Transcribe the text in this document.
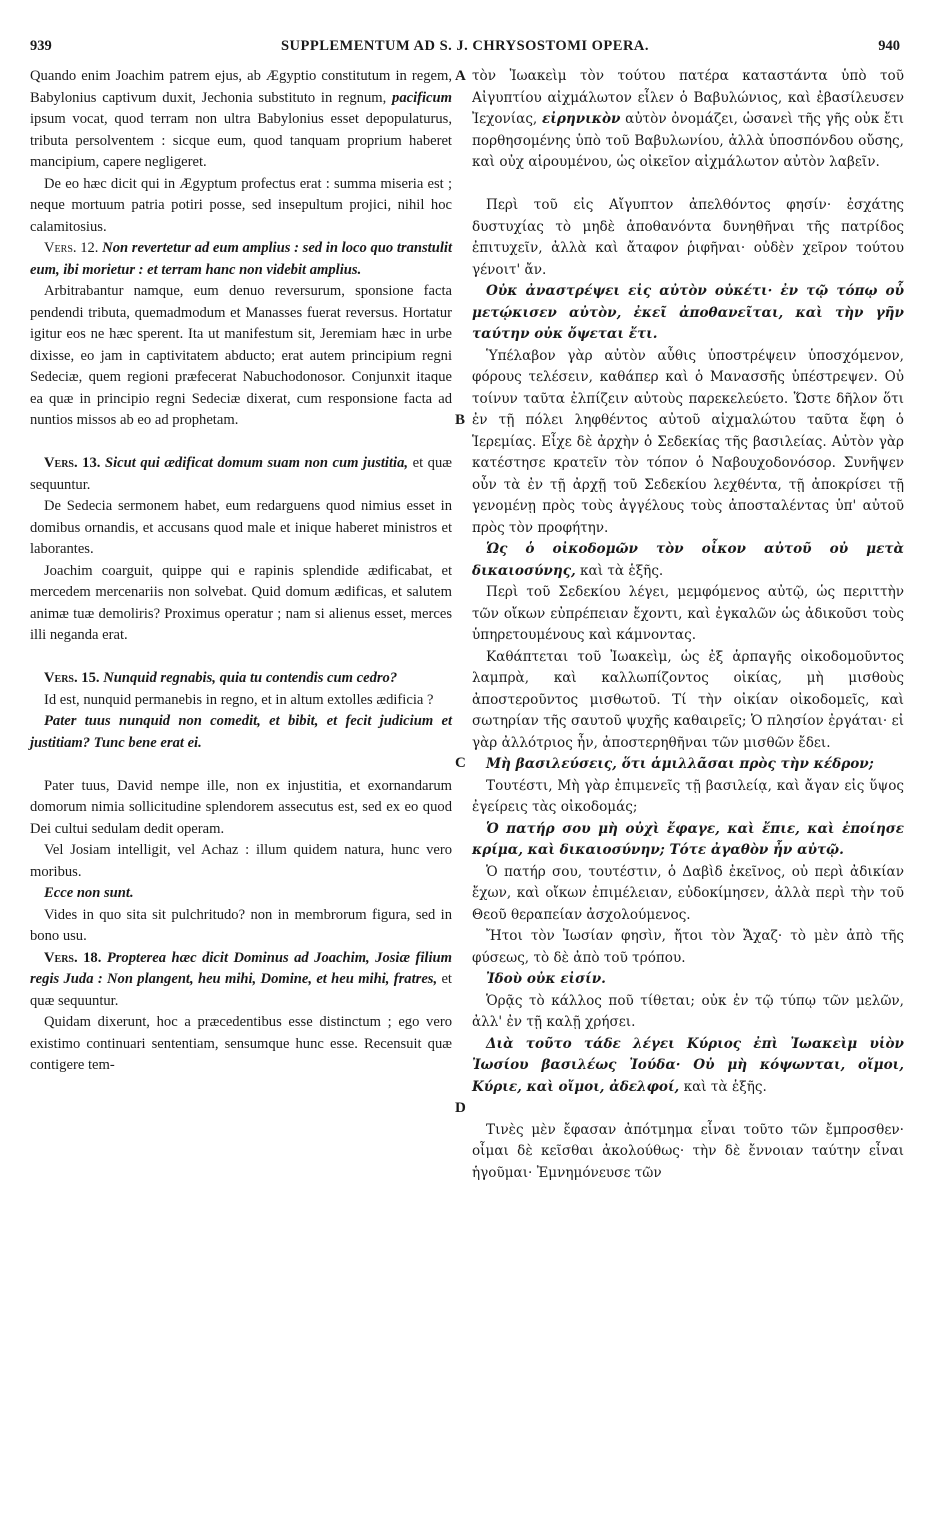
939	SUPPLEMENTUM AD S. J. CHRYSOSTOMI OPERA.	940
A
B
C
D

Quando enim Joachim patrem ejus, ab Ægyptio constitutum in regem, Babylonius captivum duxit, Jechonia substituto in regnum, pacificum ipsum vocat, quod terram non ultra Babylonius esset depopulaturus, tributa persolventem : sicque eum, quod tanquam proprium haberet mancipium, capere negligeret.

De eo hæc dicit qui in Ægyptum profectus erat : summa miseria est ; neque mortuum patria potiri posse, sed insepultum projici, nihil hoc calamitosius.

Vers. 12. Non revertetur ad eum amplius : sed in loco quo transtulit eum, ibi morietur : et terram hanc non videbit amplius.

Arbitrabantur namque, eum denuo reversurum, sponsione facta pendendi tributa, quemadmodum et Manasses fuerat reversus. Hortatur igitur eos ne hæc sperent. Ita ut manifestum sit, Jeremiam hæc in urbe dixisse, eo jam in captivitatem abducto; erat autem principium regni Sedeciæ, quem regioni præfecerat Nabuchodonosor. Conjunxit itaque ea quæ in principio regni Sedeciæ dixerat, cum responsione facta ad nuntios missos ab eo ad prophetam.

Vers. 13. Sicut qui ædificat domum suam non cum justitia, et quæ sequuntur.

De Sedecia sermonem habet, eum redarguens quod nimius esset in domibus ornandis, et accusans quod male et inique haberet ministros et laborantes.

Joachim coarguit, quippe qui e rapinis splendide ædificabat, et mercedem mercenariis non solvebat. Quid domum ædificas, et salutem animæ tuæ demoliris? Proximus operatur ; nam si alienus esset, merces illi neganda erat.

Vers. 15. Nunquid regnabis, quia tu contendis cum cedro?

Id est, nunquid permanebis in regno, et in altum extolles ædificia ?

Pater tuus nunquid non comedit, et bibit, et fecit judicium et justitiam? Tunc bene erat ei.

Pater tuus, David nempe ille, non ex injustitia, et exornandarum domorum nimia sollicitudine splendorem assecutus est, sed ex eo quod Dei cultui sedulam dedit operam.

Vel Josiam intelligit, vel Achaz : illum quidem natura, hunc vero moribus.

Ecce non sunt.

Vides in quo sita sit pulchritudo? non in membrorum figura, sed in bono usu.

Vers. 18. Propterea hæc dicit Dominus ad Joachim, Josiæ filium regis Juda : Non plangent, heu mihi, Domine, et heu mihi, fratres, et quæ sequuntur.

Quidam dixerunt, hoc a præcedentibus esse distinctum ; ego vero existimo continuari sententiam, sensumque hunc esse. Recensuit quæ contigere tem-

τὸν Ἰωακεὶμ τὸν τούτου πατέρα καταστάντα ὑπὸ τοῦ Αἰγυπτίου αἰχμάλωτον εἷλεν ὁ Βαβυλώνιος, καὶ ἐβασίλευσεν Ἰεχονίας, εἰρηνικὸν αὐτὸν ὀνομάζει, ὡσανεὶ τῆς γῆς οὐκ ἔτι πορθησομένης ὑπὸ τοῦ Βαβυλωνίου, ἀλλὰ ὑποσπόνδου οὔσης, καὶ οὐχ αἱρουμένου, ὡς οἰκεῖον αἰχμάλωτον αὐτὸν λαβεῖν.

Περὶ τοῦ εἰς Αἴγυπτον ἀπελθόντος φησίν· ἐσχάτης δυστυχίας τὸ μηδὲ ἀποθανόντα δυνηθῆναι τῆς πατρίδος ἐπιτυχεῖν, ἀλλὰ καὶ ἄταφον ῥιφῆναι· οὐδὲν χεῖρον τούτου γένοιτ' ἄν.

Οὐκ ἀναστρέψει εἰς αὐτὸν οὐκέτι· ἐν τῷ τόπῳ οὗ μετῴκισεν αὐτὸν, ἐκεῖ ἀποθανεῖται, καὶ τὴν γῆν ταύτην οὐκ ὄψεται ἔτι.

Ὑπέλαβον γὰρ αὐτὸν αὖθις ὑποστρέψειν ὑποσχόμενον, φόρους τελέσειν, καθάπερ καὶ ὁ Μανασσῆς ὑπέστρεψεν. Οὐ τοίνυν ταῦτα ἐλπίζειν αὐτοὺς παρεκελεύετο. Ὥστε δῆλον ὅτι ἐν τῇ πόλει ληφθέντος αὐτοῦ αἰχμαλώτου ταῦτα ἔφη ὁ Ἱερεμίας. Εἶχε δὲ ἀρχὴν ὁ Σεδεκίας τῆς βασιλείας. Αὐτὸν γὰρ κατέστησε κρατεῖν τὸν τόπον ὁ Ναβουχοδονόσορ. Συνῆψεν οὖν τὰ ἐν τῇ ἀρχῇ τοῦ Σεδεκίου λεχθέντα, τῇ ἀποκρίσει τῇ γενομένῃ πρὸς τοὺς ἀγγέλους τοὺς ἀποσταλέντας ὑπ' αὐτοῦ πρὸς τὸν προφήτην.

Ὡς ὁ οἰκοδομῶν τὸν οἶκον αὐτοῦ οὐ μετὰ δικαιοσύνης, καὶ τὰ ἑξῆς.

Περὶ τοῦ Σεδεκίου λέγει, μεμφόμενος αὐτῷ, ὡς περιττὴν τῶν οἴκων εὐπρέπειαν ἔχοντι, καὶ ἐγκαλῶν ὡς ἀδικοῦσι τοὺς ὑπηρετουμένους καὶ κάμνοντας.

Καθάπτεται τοῦ Ἰωακεὶμ, ὡς ἐξ ἁρπαγῆς οἰκοδομοῦντος λαμπρὰ, καὶ καλλωπίζοντος οἰκίας, μὴ μισθοὺς ἀποστεροῦντος μισθωτοῦ. Τί τὴν οἰκίαν οἰκοδομεῖς, καὶ σωτηρίαν τῆς σαυτοῦ ψυχῆς καθαιρεῖς; Ὁ πλησίον ἐργάται· εἰ γὰρ ἀλλότριος ἦν, ἀποστερηθῆναι τῶν μισθῶν ἔδει.

Μὴ βασιλεύσεις, ὅτι ἁμιλλᾶσαι πρὸς τὴν κέδρον;

Τουτέστι, Μὴ γὰρ ἐπιμενεῖς τῇ βασιλείᾳ, καὶ ἄγαν εἰς ὕψος ἐγείρεις τὰς οἰκοδομάς;

Ὁ πατήρ σου μὴ οὐχὶ ἔφαγε, καὶ ἔπιε, καὶ ἐποίησε κρίμα, καὶ δικαιοσύνην; Τότε ἀγαθὸν ἦν αὐτῷ.

Ὁ πατήρ σου, τουτέστιν, ὁ Δαβὶδ ἐκεῖνος, οὐ περὶ ἀδικίαν ἔχων, καὶ οἴκων ἐπιμέλειαν, εὐδοκίμησεν, ἀλλὰ περὶ τὴν τοῦ Θεοῦ θεραπείαν ἀσχολούμενος.

Ἤτοι τὸν Ἰωσίαν φησὶν, ἤτοι τὸν Ἄχαζ· τὸ μὲν ἀπὸ τῆς φύσεως, τὸ δὲ ἀπὸ τοῦ τρόπου.

Ἰδοὺ οὐκ εἰσίν.

Ὁρᾷς τὸ κάλλος ποῦ τίθεται; οὐκ ἐν τῷ τύπῳ τῶν μελῶν, ἀλλ' ἐν τῇ καλῇ χρήσει.

Διὰ τοῦτο τάδε λέγει Κύριος ἐπὶ Ἰωακεὶμ υἱὸν Ἰωσίου βασιλέως Ἰούδα· Οὐ μὴ κόψωνται, οἴμοι, Κύριε, καὶ οἴμοι, ἀδελφοί, καὶ τὰ ἑξῆς.

Τινὲς μὲν ἔφασαν ἀπότμημα εἶναι τοῦτο τῶν ἔμπροσθεν· οἶμαι δὲ κεῖσθαι ἀκολούθως· τὴν δὲ ἔννοιαν ταύτην εἶναι ἡγοῦμαι· Ἐμνημόνευσε τῶν
